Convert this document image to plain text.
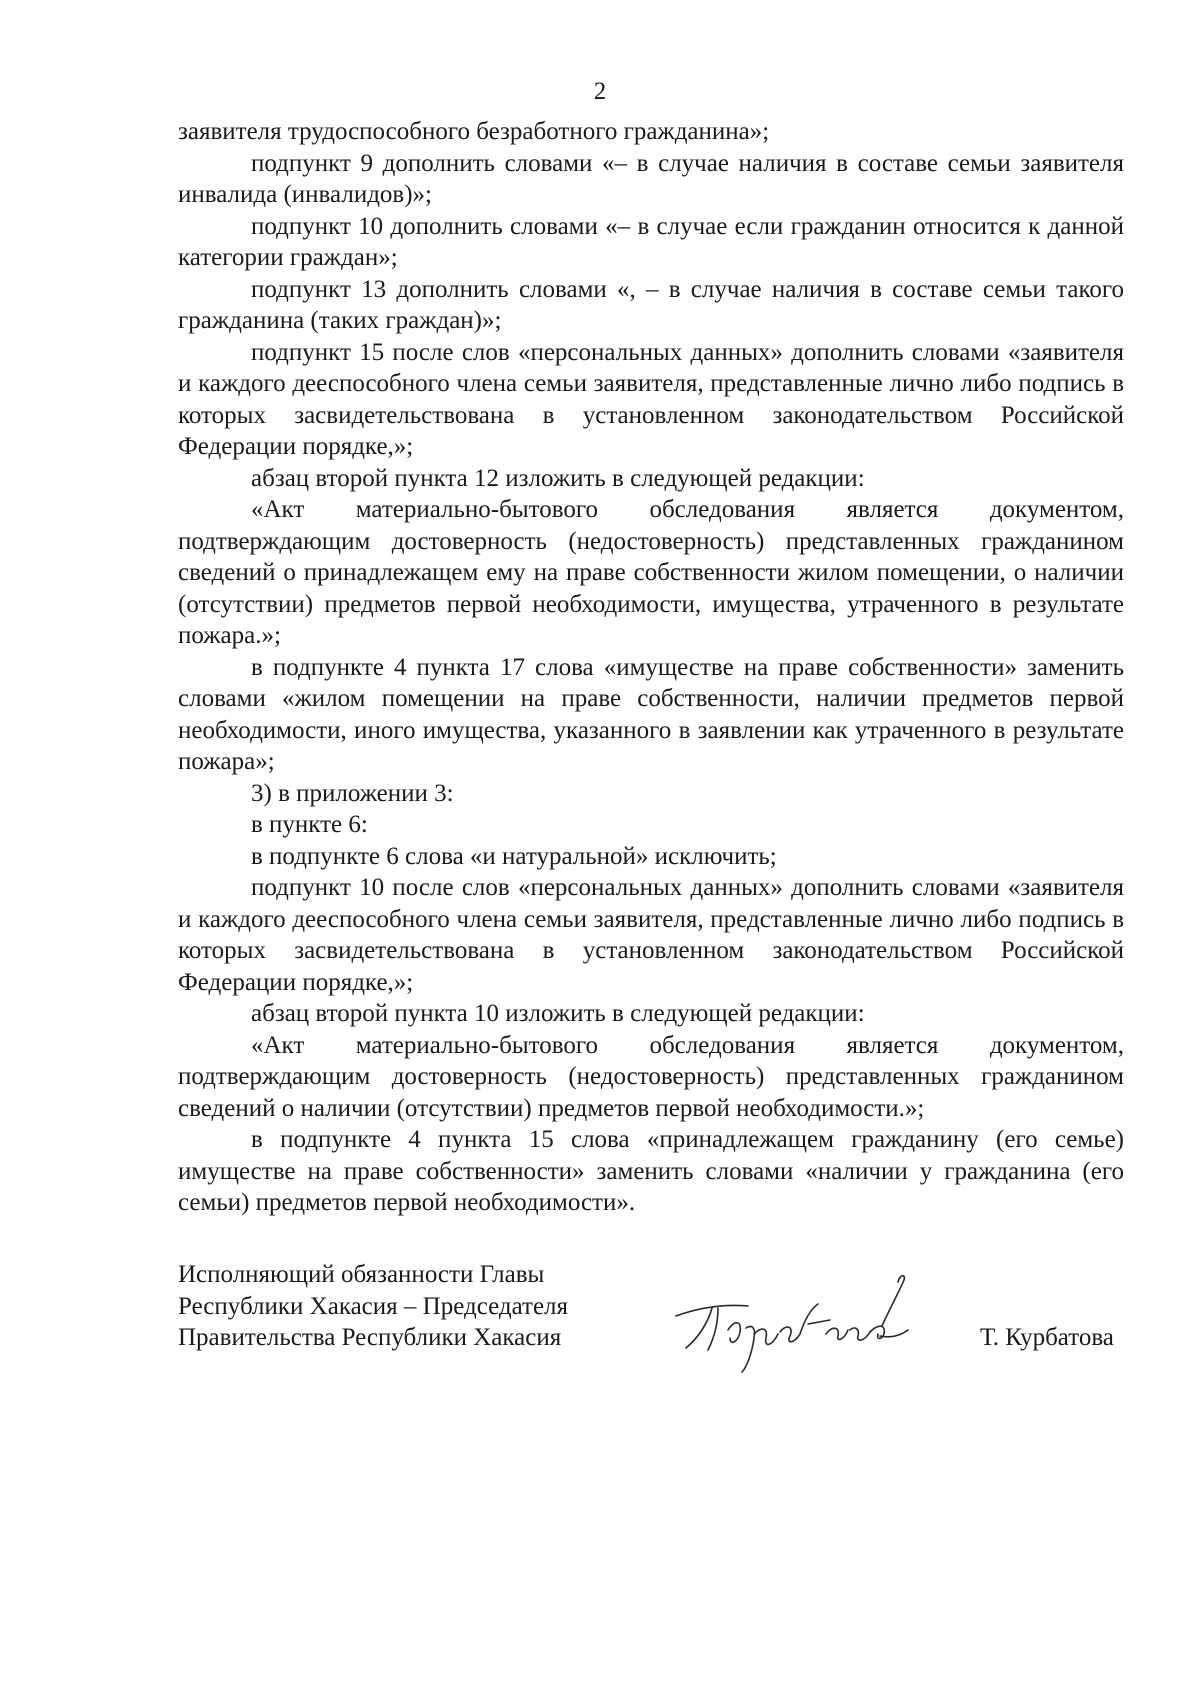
2

заявителя трудоспособного безработного гражданина»;

подпункт 9 дополнить словами «– в случае наличия в составе семьи заявителя инвалида (инвалидов)»;

подпункт 10 дополнить словами «– в случае если гражданин относится к данной категории граждан»;

подпункт 13 дополнить словами «, – в случае наличия в составе семьи такого гражданина (таких граждан)»;

подпункт 15 после слов «персональных данных» дополнить словами «заявителя и каждого дееспособного члена семьи заявителя, представленные лично либо подпись в которых засвидетельствована в установленном законодательством Российской Федерации порядке,»;

абзац второй пункта 12 изложить в следующей редакции:

«Акт материально-бытового обследования является документом, подтверждающим достоверность (недостоверность) представленных гражданином сведений о принадлежащем ему на праве собственности жилом помещении, о наличии (отсутствии) предметов первой необходимости, имущества, утраченного в результате пожара.»;

в подпункте 4 пункта 17 слова «имуществе на праве собственности» заменить словами «жилом помещении на праве собственности, наличии предметов первой необходимости, иного имущества, указанного в заявлении как утраченного в результате пожара»;

3) в приложении 3:

в пункте 6:

в подпункте 6 слова «и натуральной» исключить;

подпункт 10 после слов «персональных данных» дополнить словами «заявителя и каждого дееспособного члена семьи заявителя, представленные лично либо подпись в которых засвидетельствована в установленном законодательством Российской Федерации порядке,»;

абзац второй пункта 10 изложить в следующей редакции:

«Акт материально-бытового обследования является документом, подтверждающим достоверность (недостоверность) представленных гражданином сведений о наличии (отсутствии) предметов первой необходимости.»;

в подпункте 4 пункта 15 слова «принадлежащем гражданину (его семье) имуществе на праве собственности» заменить словами «наличии у гражданина (его семьи) предметов первой необходимости».

Исполняющий обязанности Главы
Республики Хакасия – Председателя
Правительства Республики Хакасия	Т. Курбатова
